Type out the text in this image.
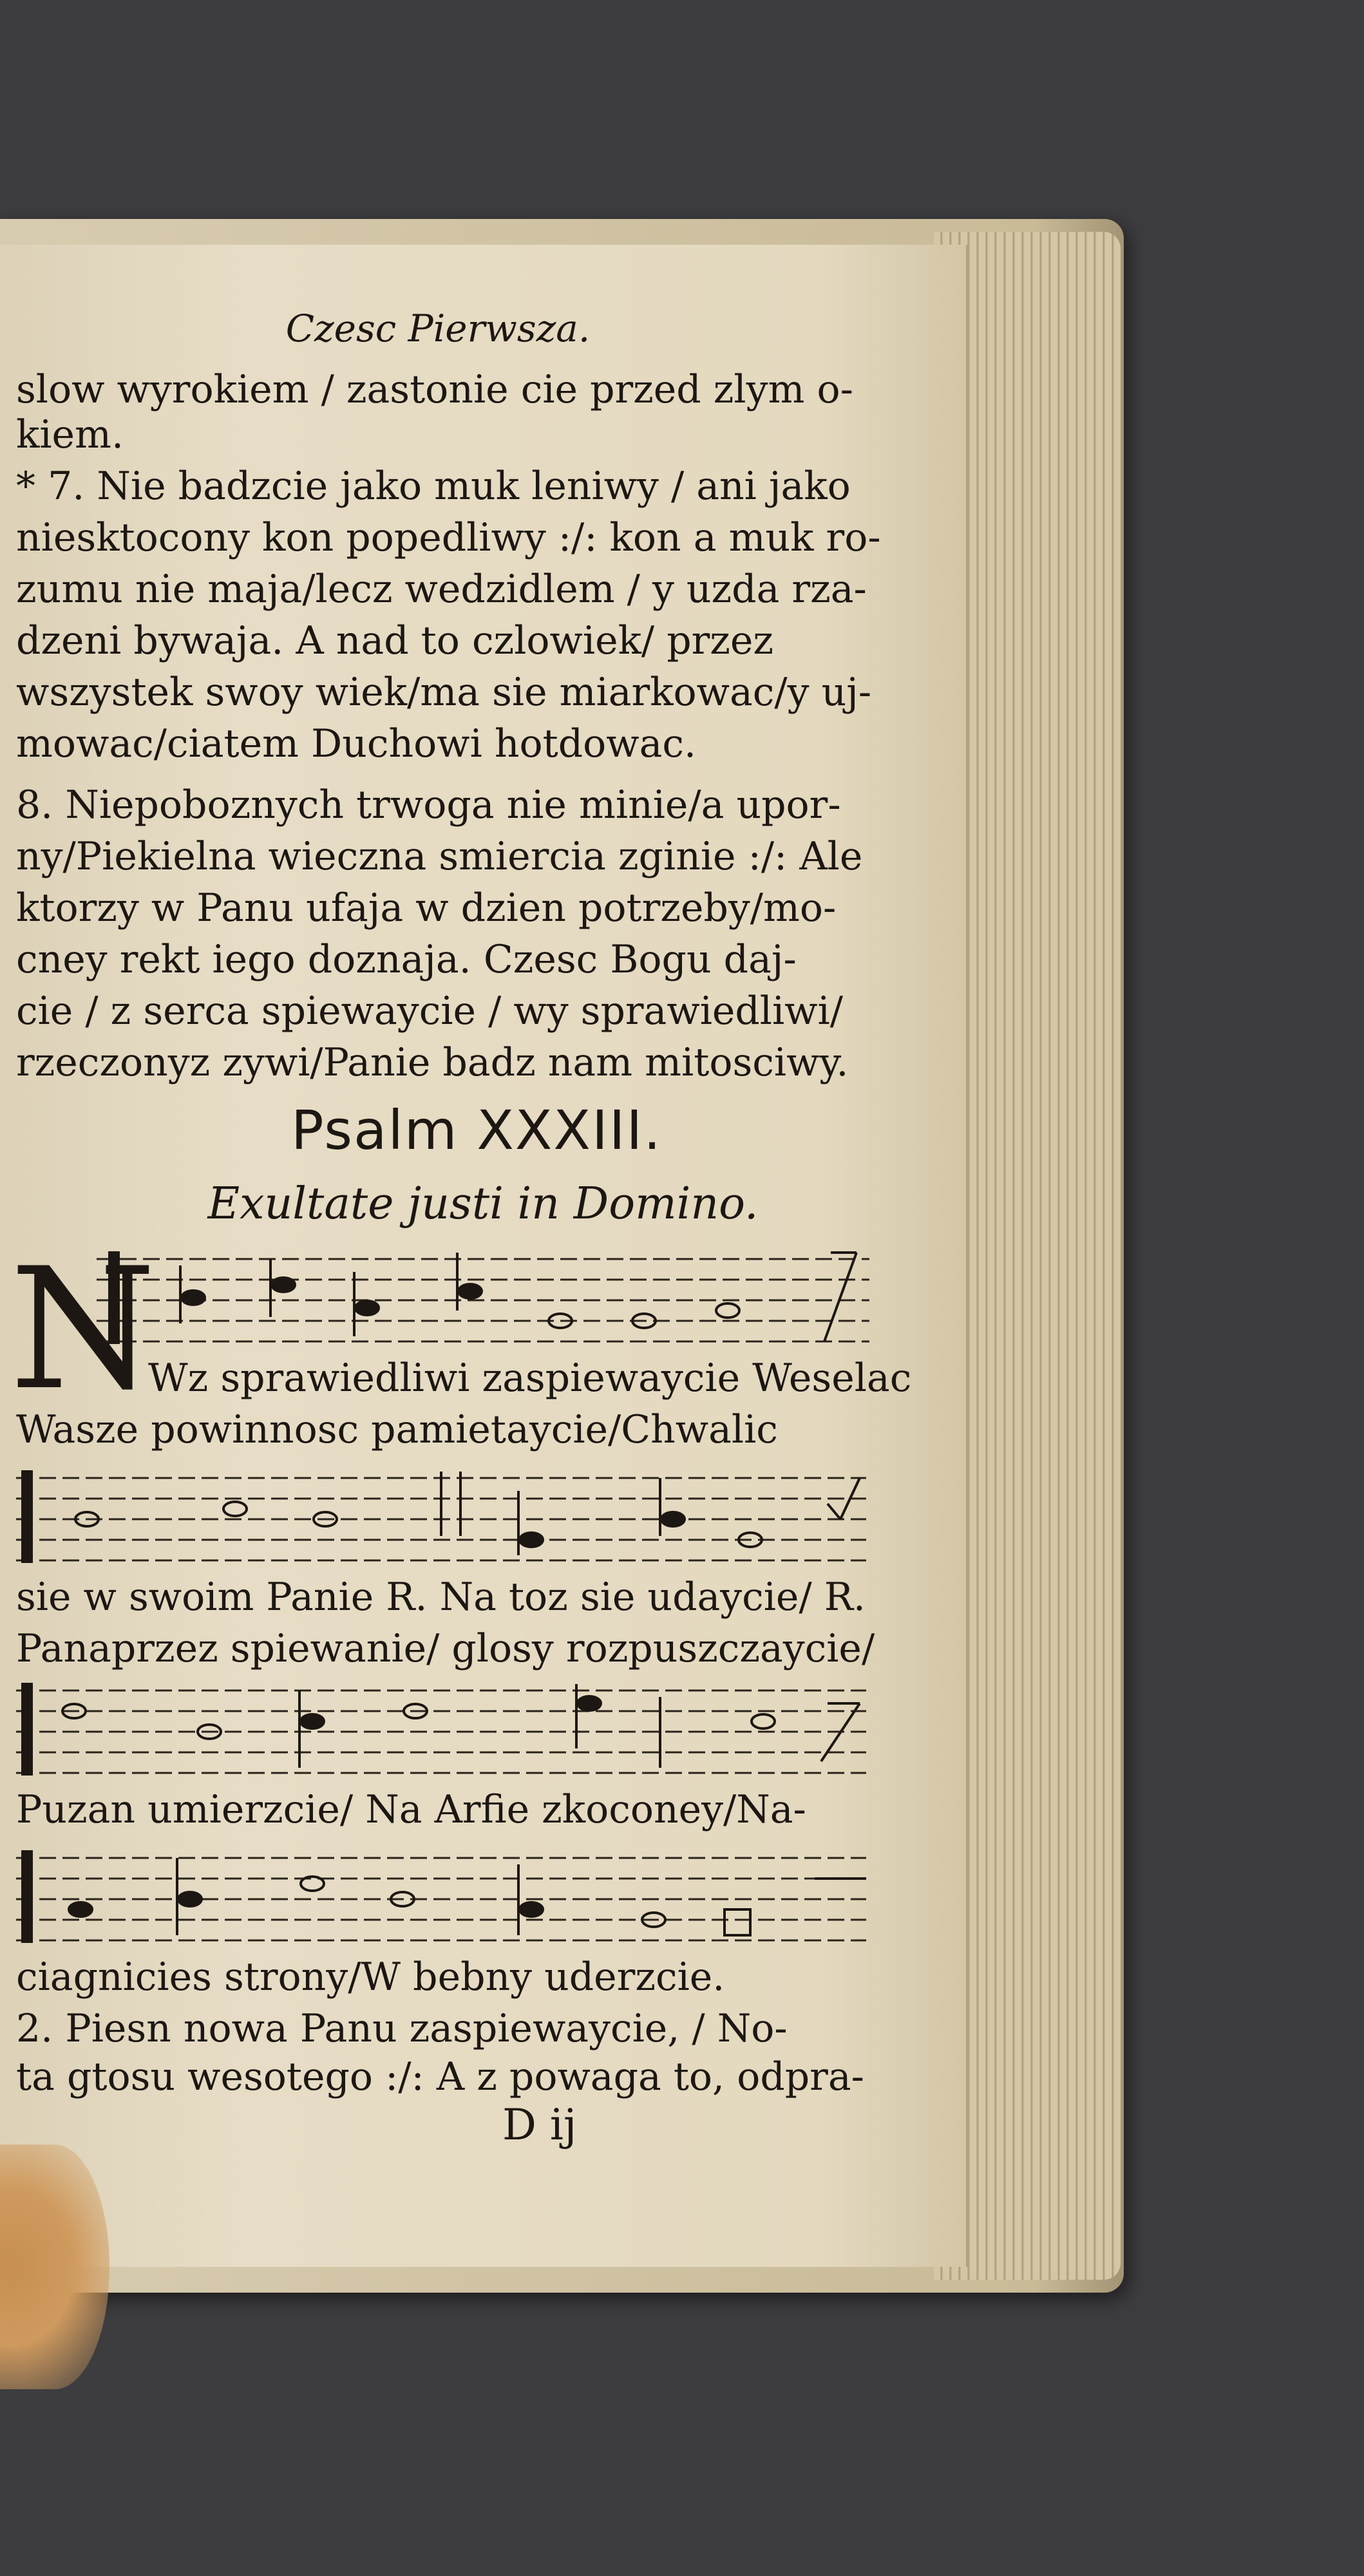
Czesc Pierwsza.
slow wyrokiem / zastonie cie przed zlym o-
kiem.
* 7. Nie badzcie jako muk leniwy / ani jako
niesktocony kon popedliwy :/: kon a muk ro-
zumu nie maja/lecz wedzidlem / y uzda rza-
dzeni bywaja. A nad to czlowiek/ przez
wszystek swoy wiek/ma sie miarkowac/y uj-
mowac/ciatem Duchowi hotdowac.
8. Niepoboznych trwoga nie minie/a upor-
ny/Piekielna wieczna smiercia zginie :/: Ale
ktorzy w Panu ufaja w dzien potrzeby/mo-
cney rekt iego doznaja. Czesc Bogu daj-
cie / z serca spiewaycie / wy sprawiedliwi/
rzeczonyz zywi/Panie badz nam mitosciwy.
Psalm XXXIII.
Exultate justi in Domino.
N
Wz sprawiedliwi zaspiewaycie Weselac
Wasze powinnosc pamietaycie/Chwalic
sie w swoim Panie R. Na toz sie udaycie/ R.
Panaprzez spiewanie/ glosy rozpuszczaycie/
Puzan umierzcie/ Na Arfie zkoconey/Na-
ciagnicies strony/W bebny uderzcie.
2. Piesn nowa Panu zaspiewaycie, / No-
ta gtosu wesotego :/: A z powaga to, odpra-
D ij
